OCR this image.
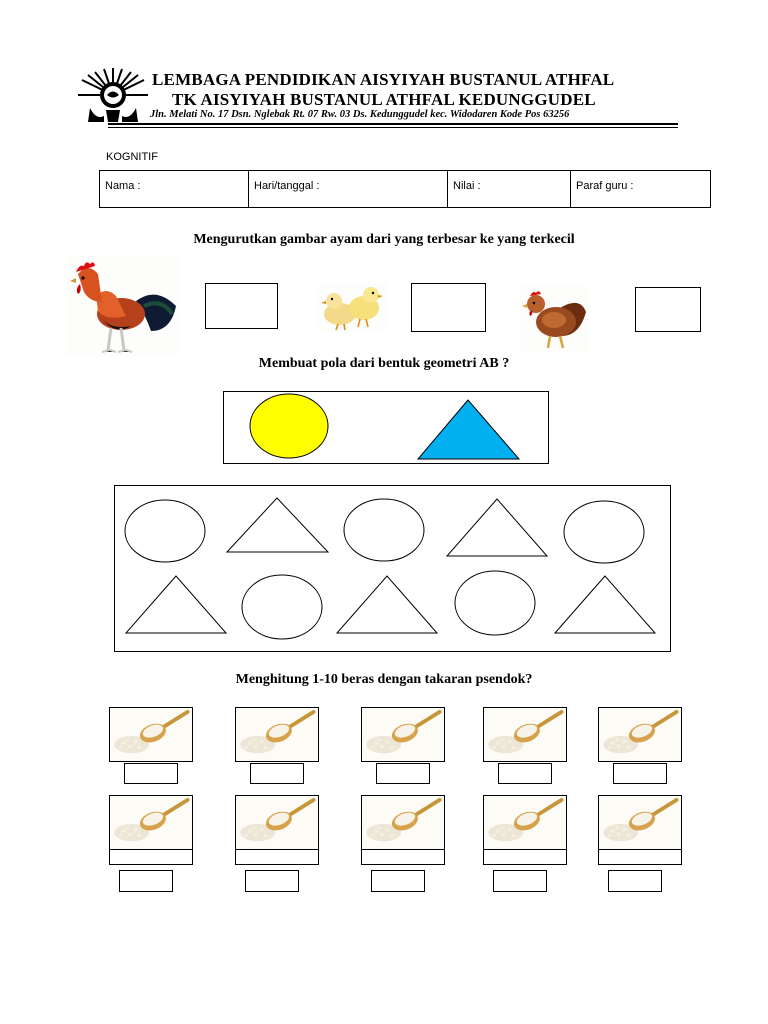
LEMBAGA PENDIDIKAN AISYIYAH BUSTANUL ATHFAL
TK AISYIYAH BUSTANUL ATHFAL KEDUNGGUDEL
Jln. Melati No. 17 Dsn. Nglebak Rt. 07 Rw. 03 Ds. Kedunggudel kec. Widodaren Kode Pos 63256
KOGNITIF
Nama :	Hari/tanggal :	Nilai :	Paraf guru :
Mengurutkan gambar ayam dari yang terbesar ke yang terkecil
Membuat pola dari bentuk geometri AB ?
Menghitung 1-10 beras dengan takaran psendok?
